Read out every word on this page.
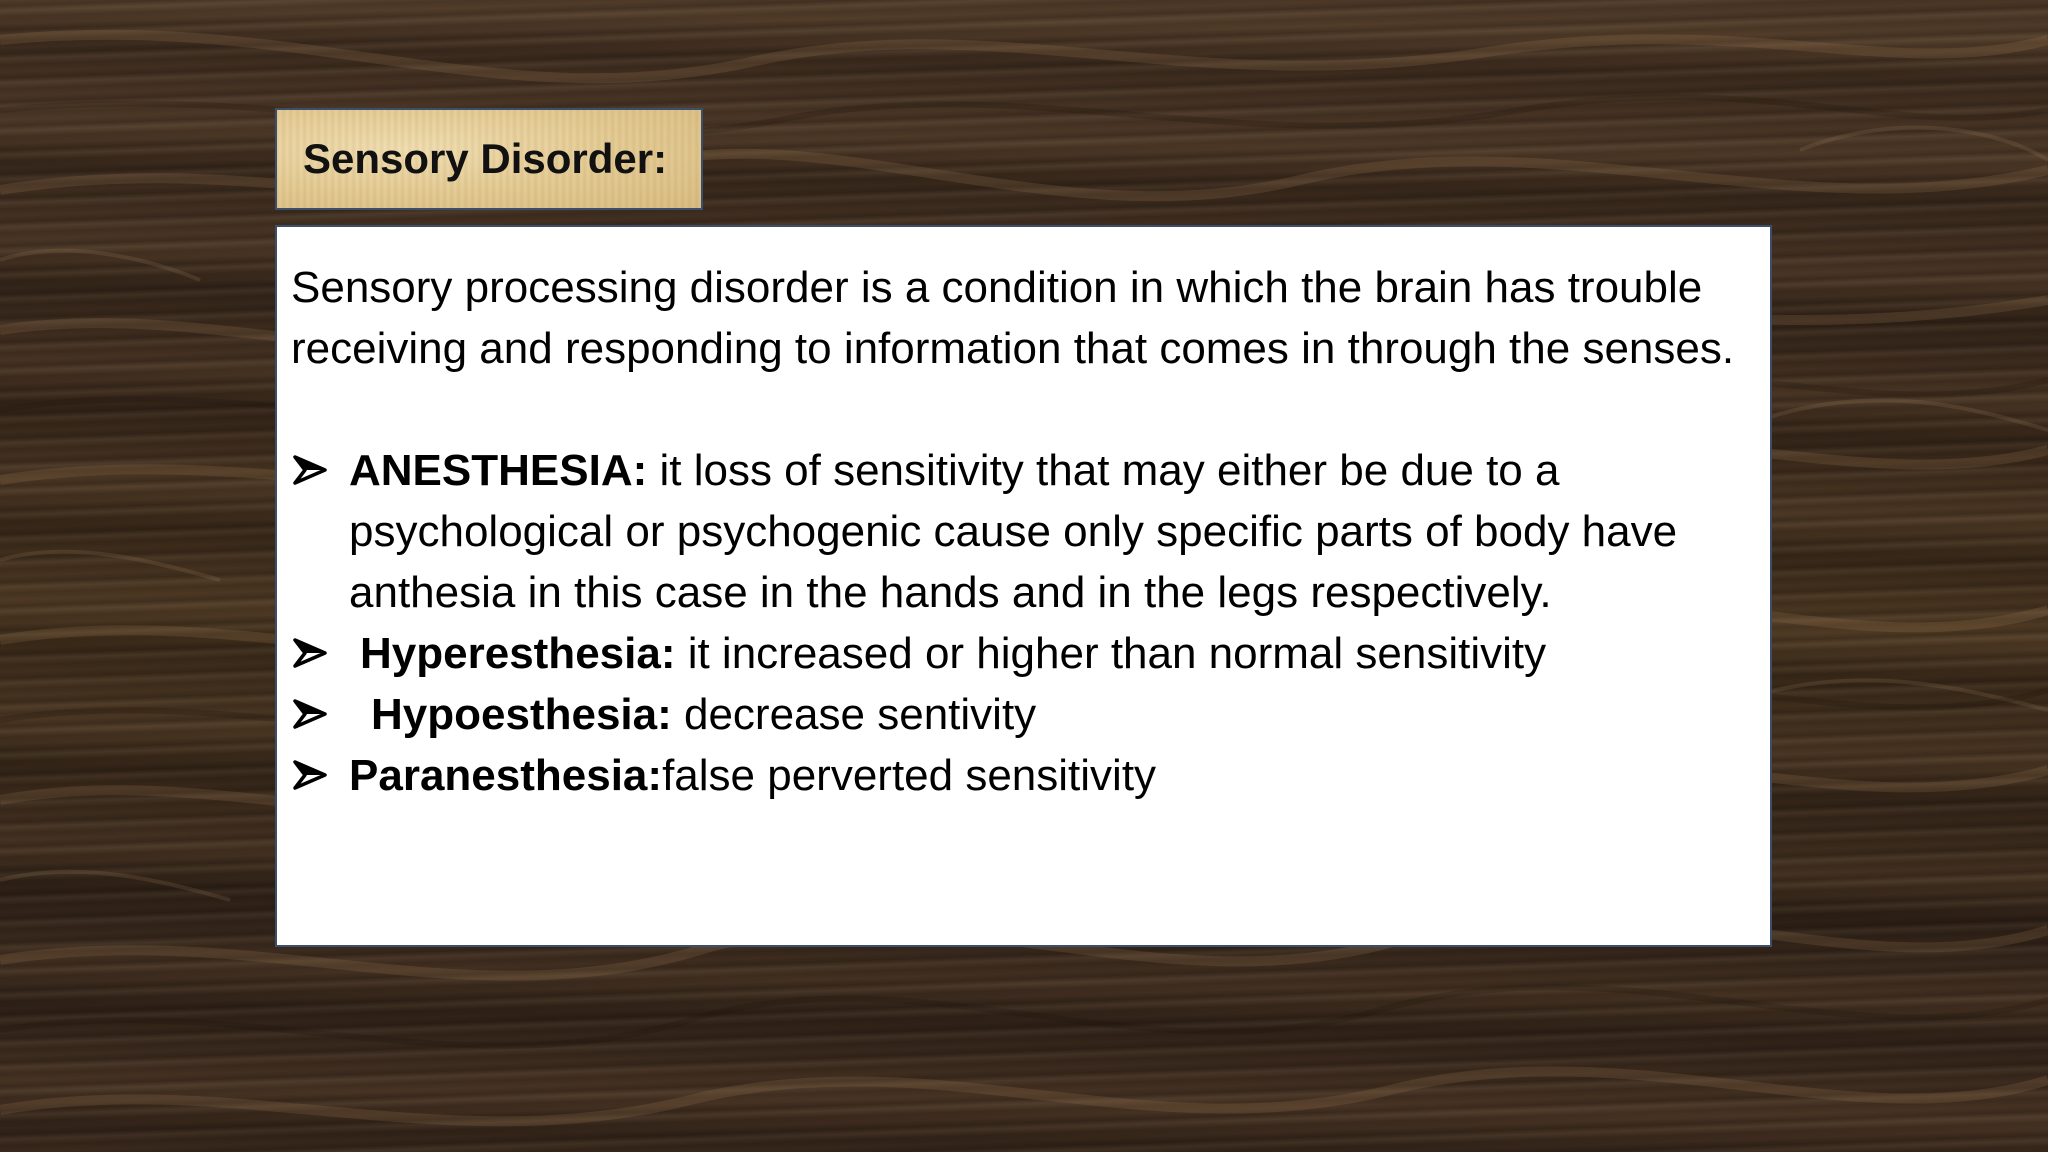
Sensory Disorder:

Sensory processing disorder is a condition in which the brain has trouble receiving and responding to information that comes in through the senses.

ANESTHESIA: it loss of sensitivity that may either be due to a psychological or psychogenic cause only specific parts of body have anthesia in this case in the hands and in the legs respectively.
Hyperesthesia: it increased or higher than normal sensitivity
Hypoesthesia: decrease sentivity
Paranesthesia:false perverted sensitivity
